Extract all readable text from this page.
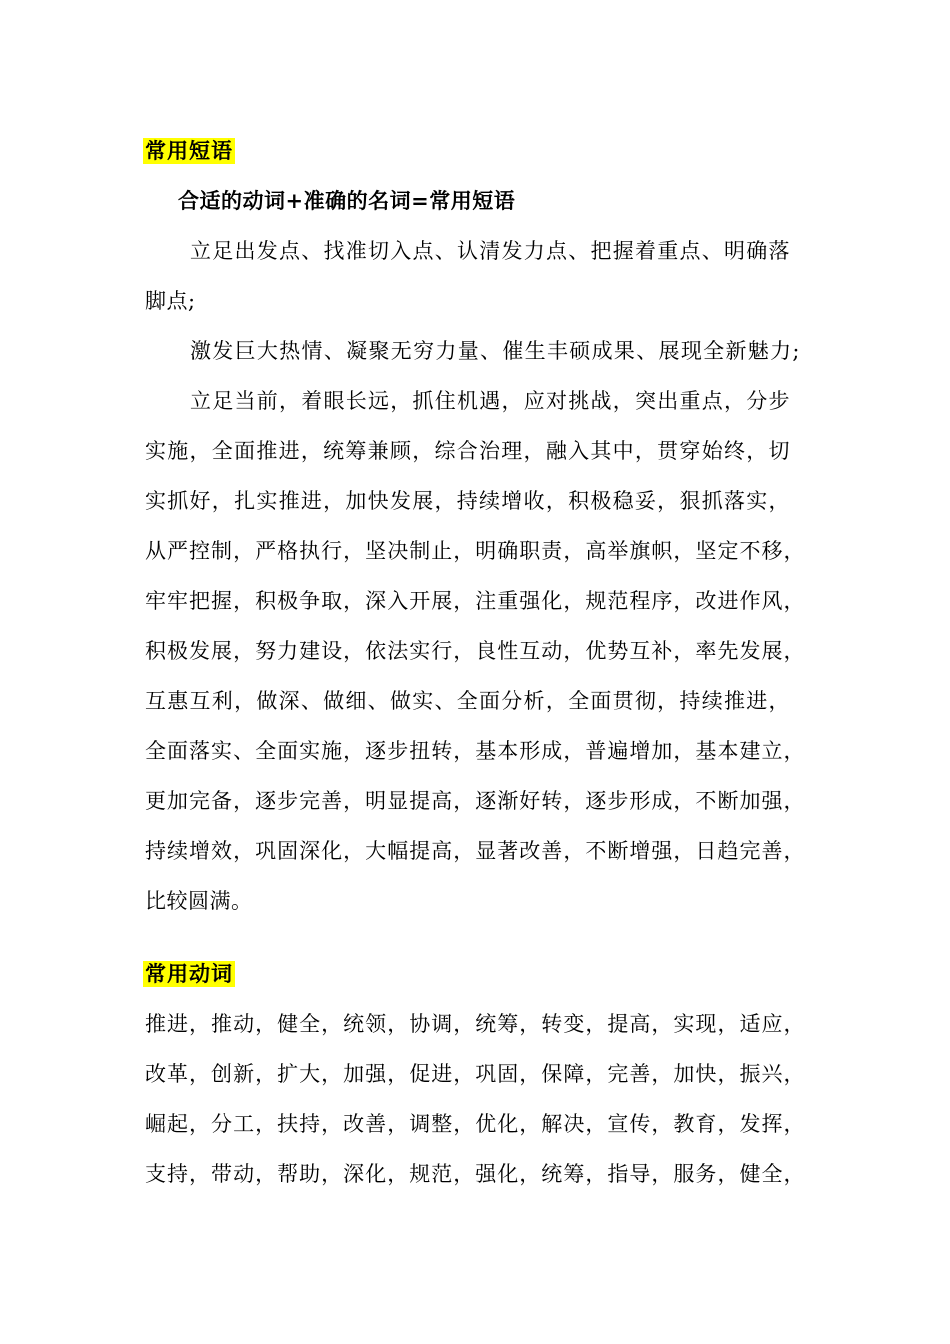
常用短语
合适的动词+准确的名词=常用短语
立足出发点、找准切入点、认清发力点、把握着重点、明确落
脚点;
激发巨大热情、凝聚无穷力量、催生丰硕成果、展现全新魅力;
立足当前，着眼长远，抓住机遇，应对挑战，突出重点，分步
实施，全面推进，统筹兼顾，综合治理，融入其中，贯穿始终，切
实抓好，扎实推进，加快发展，持续增收，积极稳妥，狠抓落实，
从严控制，严格执行，坚决制止，明确职责，高举旗帜，坚定不移，
牢牢把握，积极争取，深入开展，注重强化，规范程序，改进作风，
积极发展，努力建设，依法实行，良性互动，优势互补，率先发展，
互惠互利，做深、做细、做实、全面分析，全面贯彻，持续推进，
全面落实、全面实施，逐步扭转，基本形成，普遍增加，基本建立，
更加完备，逐步完善，明显提高，逐渐好转，逐步形成，不断加强，
持续增效，巩固深化，大幅提高，显著改善，不断增强，日趋完善，
比较圆满。
常用动词
推进，推动，健全，统领，协调，统筹，转变，提高，实现，适应，
改革，创新，扩大，加强，促进，巩固，保障，完善，加快，振兴，
崛起，分工，扶持，改善，调整，优化，解决，宣传，教育，发挥，
支持，带动，帮助，深化，规范，强化，统筹，指导，服务，健全，
